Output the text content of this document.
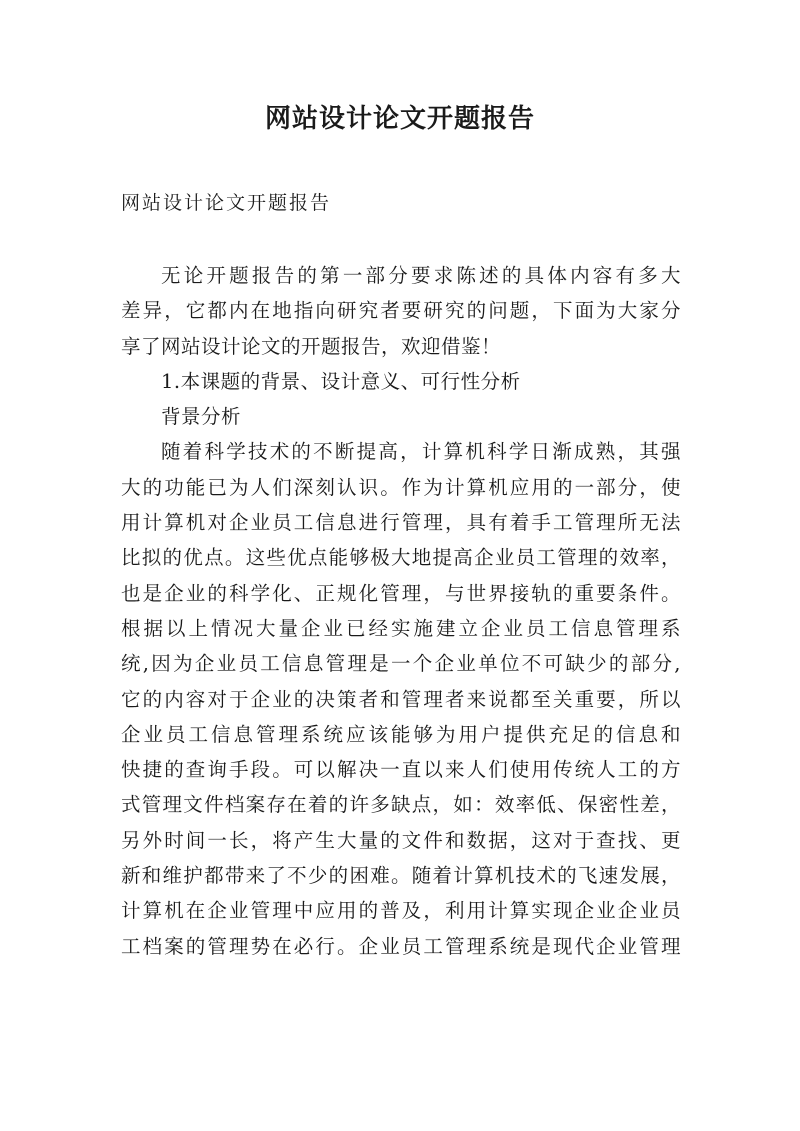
网站设计论文开题报告

网站设计论文开题报告

无论开题报告的第一部分要求陈述的具体内容有多大
差异，它都内在地指向研究者要研究的问题，下面为大家分
享了网站设计论文的开题报告，欢迎借鉴！
1.本课题的背景、设计意义、可行性分析
背景分析
随着科学技术的不断提高，计算机科学日渐成熟，其强
大的功能已为人们深刻认识。作为计算机应用的一部分，使
用计算机对企业员工信息进行管理，具有着手工管理所无法
比拟的优点。这些优点能够极大地提高企业员工管理的效率，
也是企业的科学化、正规化管理，与世界接轨的重要条件。
根据以上情况大量企业已经实施建立企业员工信息管理系
统,因为企业员工信息管理是一个企业单位不可缺少的部分,
它的内容对于企业的决策者和管理者来说都至关重要，所以
企业员工信息管理系统应该能够为用户提供充足的信息和
快捷的查询手段。可以解决一直以来人们使用传统人工的方
式管理文件档案存在着的许多缺点，如：效率低、保密性差，
另外时间一长，将产生大量的文件和数据，这对于查找、更
新和维护都带来了不少的困难。随着计算机技术的飞速发展，
计算机在企业管理中应用的普及，利用计算实现企业企业员
工档案的管理势在必行。企业员工管理系统是现代企业管理
